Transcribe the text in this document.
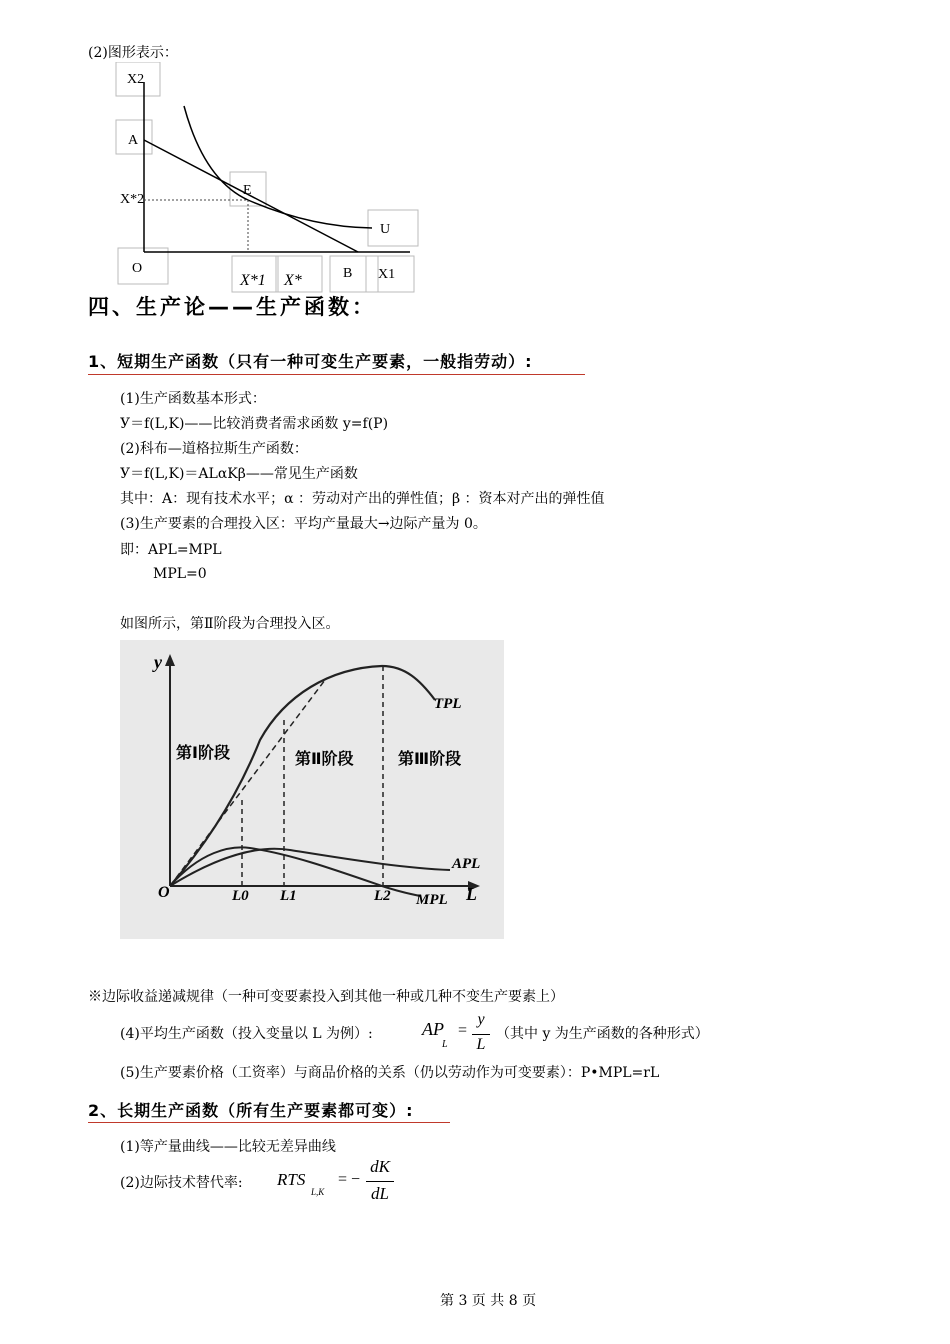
(2)图形表示：
X2
A
E
X*2
U
O	B X1
X*1 X*
四、生产论——生产函数：
1、短期生产函数（只有一种可变生产要素，一般指劳动）:
(1)生产函数基本形式：
У＝f(L,K)——比较消费者需求函数 y=f(P)
(2)科布—道格拉斯生产函数：
У＝f(L,K)＝ALαKβ——常见生产函数
其中：A：现有技术水平；α ：劳动对产出的弹性值；β ：资本对产出的弹性值
(3)生产要素的合理投入区：平均产量最大→边际产量为 0。
即：APL=MPL
MPL=0
如图所示，第Ⅱ阶段为合理投入区。
y
L
O
第Ⅰ阶段	第Ⅱ阶段	第Ⅲ阶段
TPL
APL
MPL
L0 L1	L2
※边际收益递减规律（一种可变要素投入到其他一种或几种不变生产要素上）
(4)平均生产函数（投入变量以 L 为例）:	AP
L
=
y
L
（其中 y 为生产函数的各种形式）
(5)生产要素价格（工资率）与商品价格的关系（仍以劳动作为可变要素）：P•MPL=rL
2、长期生产函数（所有生产要素都可变）:
(1)等产量曲线——比较无差异曲线
(2)边际技术替代率: RTS
L,K
= −
dK
dL
第 3 页 共 8 页
